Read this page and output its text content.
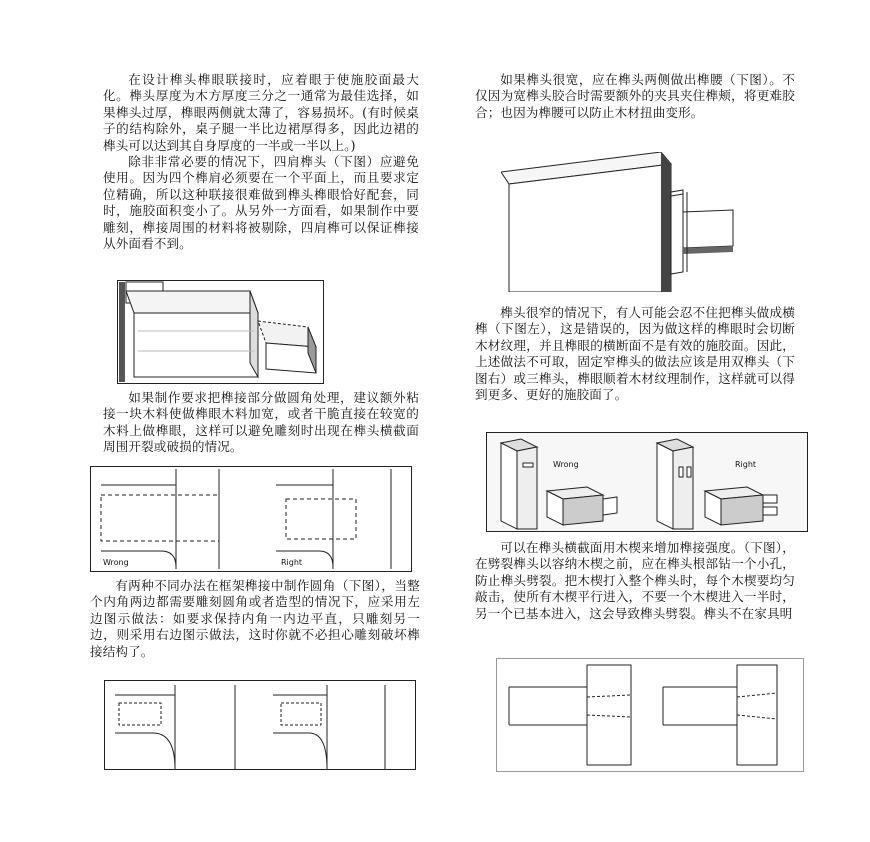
在设计榫头榫眼联接时，应着眼于使施胶面最大化。榫头厚度为木方厚度三分之一通常为最佳选择，如果榫头过厚，榫眼两侧就太薄了，容易损坏。(有时候桌子的结构除外，桌子腿一半比边裙厚得多，因此边裙的榫头可以达到其自身厚度的一半或一半以上。)

除非非常必要的情况下，四肩榫头（下图）应避免使用。因为四个榫肩必须要在一个平面上，而且要求定位精确，所以这种联接很难做到榫头榫眼恰好配套，同时，施胶面积变小了。从另外一方面看，如果制作中要雕刻，榫接周围的材料将被剔除，四肩榫可以保证榫接从外面看不到。

如果制作要求把榫接部分做圆角处理，建议额外粘接一块木料使做榫眼木料加宽，或者干脆直接在较宽的木料上做榫眼，这样可以避免雕刻时出现在榫头横截面周围开裂或破损的情况。

Wrong	Right

有两种不同办法在框架榫接中制作圆角（下图），当整个内角两边都需要雕刻圆角或者造型的情况下，应采用左边图示做法：如要求保持内角一内边平直，只雕刻另一边，则采用右边图示做法，这时你就不必担心雕刻破坏榫接结构了。

如果榫头很宽，应在榫头两侧做出榫腰（下图）。不仅因为宽榫头胶合时需要额外的夹具夹住榫颊，将更难胶合；也因为榫腰可以防止木材扭曲变形。

榫头很窄的情况下，有人可能会忍不住把榫头做成横榫（下图左），这是错误的，因为做这样的榫眼时会切断木材纹理，并且榫眼的横断面不是有效的施胶面。因此，上述做法不可取，固定窄榫头的做法应该是用双榫头（下图右）或三榫头，榫眼顺着木材纹理制作，这样就可以得到更多、更好的施胶面了。

Wrong	Right

可以在榫头横截面用木楔来增加榫接强度。（下图），在劈裂榫头以容纳木楔之前，应在榫头根部钻一个小孔，防止榫头劈裂。把木楔打入整个榫头时，每个木楔要均匀敲击，使所有木楔平行进入，不要一个木楔进入一半时，另一个已基本进入，这会导致榫头劈裂。榫头不在家具明
